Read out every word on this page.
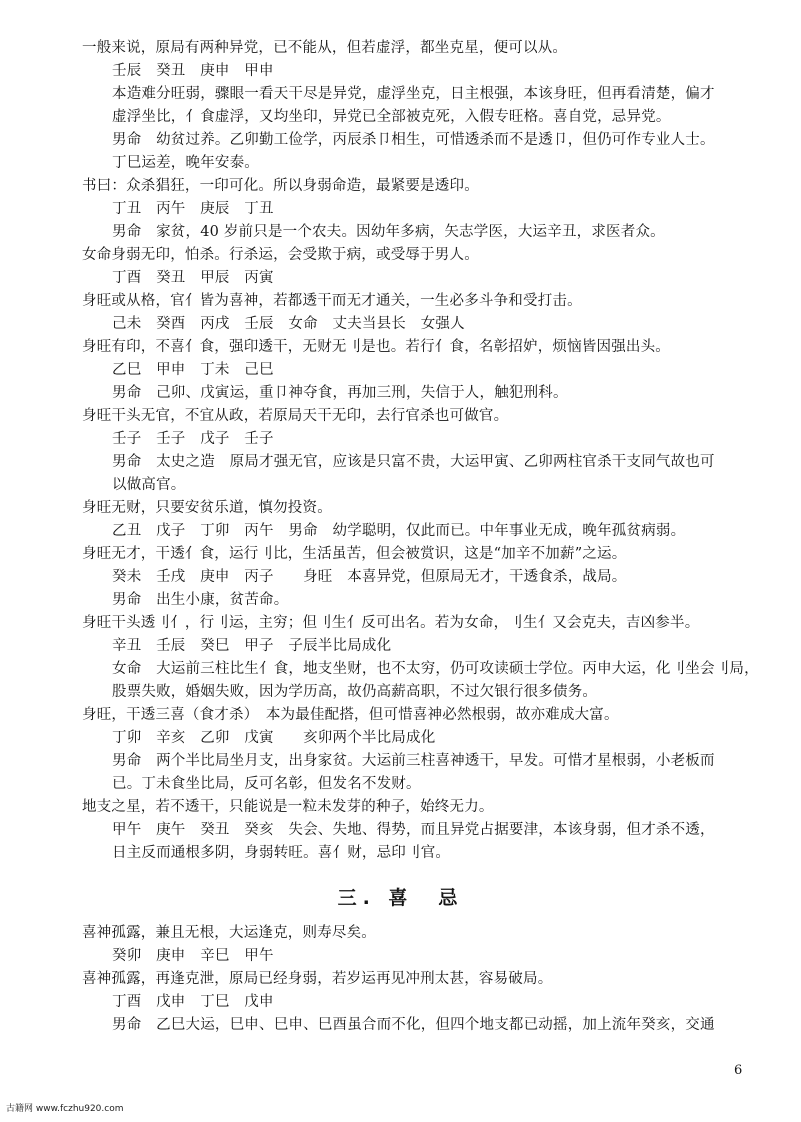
一般来说，原局有两种异党，已不能从，但若虚浮，都坐克星，便可以从。
壬辰　癸丑　庚申　甲申
本造难分旺弱，骤眼一看天干尽是异党，虚浮坐克，日主根强，本该身旺，但再看清楚，偏才
虚浮坐比，亻食虚浮，又均坐印，异党已全部被克死，入假专旺格。喜自党，忌异党。
男命　幼贫过养。乙卯勤工俭学，丙辰杀卩相生，可惜透杀而不是透卩，但仍可作专业人士。
丁巳运差，晚年安泰。
书曰：众杀猖狂，一印可化。所以身弱命造，最紧要是透印。
丁丑　丙午　庚辰　丁丑
男命　家贫，40 岁前只是一个农夫。因幼年多病，矢志学医，大运辛丑，求医者众。
女命身弱无印，怕杀。行杀运，会受欺于病，或受辱于男人。
丁酉　癸丑　甲辰　丙寅
身旺或从格，官亻皆为喜神，若都透干而无才通关，一生必多斗争和受打击。
己未　癸酉　丙戌　壬辰　女命　丈夫当县长　女强人
身旺有印，不喜亻食，强印透干，无财无刂是也。若行亻食，名彰招妒，烦恼皆因强出头。
乙巳　甲申　丁未　己巳
男命　己卯、戊寅运，重卩神夺食，再加三刑，失信于人，触犯刑科。
身旺干头无官，不宜从政，若原局天干无印，去行官杀也可做官。
壬子　壬子　戊子　壬子
男命　太史之造　原局才强无官，应该是只富不贵，大运甲寅、乙卯两柱官杀干支同气故也可
以做高官。
身旺无财，只要安贫乐道，慎勿投资。
乙丑　戊子　丁卯　丙午　男命　幼学聪明，仅此而已。中年事业无成，晚年孤贫病弱。
身旺无才，干透亻食，运行刂比，生活虽苦，但会被赏识，这是“加辛不加薪”之运。
癸未　壬戌　庚申　丙子　　身旺　本喜异党，但原局无才，干透食杀，战局。
男命　出生小康，贫苦命。
身旺干头透刂亻，行刂运，主穷；但刂生亻反可出名。若为女命，刂生亻又会克夫，吉凶参半。
辛丑　壬辰　癸巳　甲子　子辰半比局成化
女命　大运前三柱比生亻食，地支坐财，也不太穷，仍可攻读硕士学位。丙申大运，化刂坐会刂局，
股票失败，婚姻失败，因为学历高，故仍高薪高职，不过欠银行很多债务。
身旺，干透三喜（食才杀）　本为最佳配搭，但可惜喜神必然根弱，故亦难成大富。
丁卯　辛亥　乙卯　戊寅　　亥卯两个半比局成化
男命　两个半比局坐月支，出身家贫。大运前三柱喜神透干，早发。可惜才星根弱，小老板而
已。丁未食坐比局，反可名彰，但发名不发财。
地支之星，若不透干，只能说是一粒未发芽的种子，始终无力。
甲午　庚午　癸丑　癸亥　失会、失地、得势，而且异党占据要津，本该身弱，但才杀不透，
日主反而通根多阴，身弱转旺。喜亻财，忌印刂官。
三. 喜　忌
喜神孤露，兼且无根，大运逢克，则寿尽矣。
癸卯　庚申　辛巳　甲午
喜神孤露，再逢克泄，原局已经身弱，若岁运再见冲刑太甚，容易破局。
丁酉　戊申　丁巳　戊申
男命　乙巳大运，巳申、巳申、巳酉虽合而不化，但四个地支都已动摇，加上流年癸亥，交通
6
古籍网 www.fczhu920.com
